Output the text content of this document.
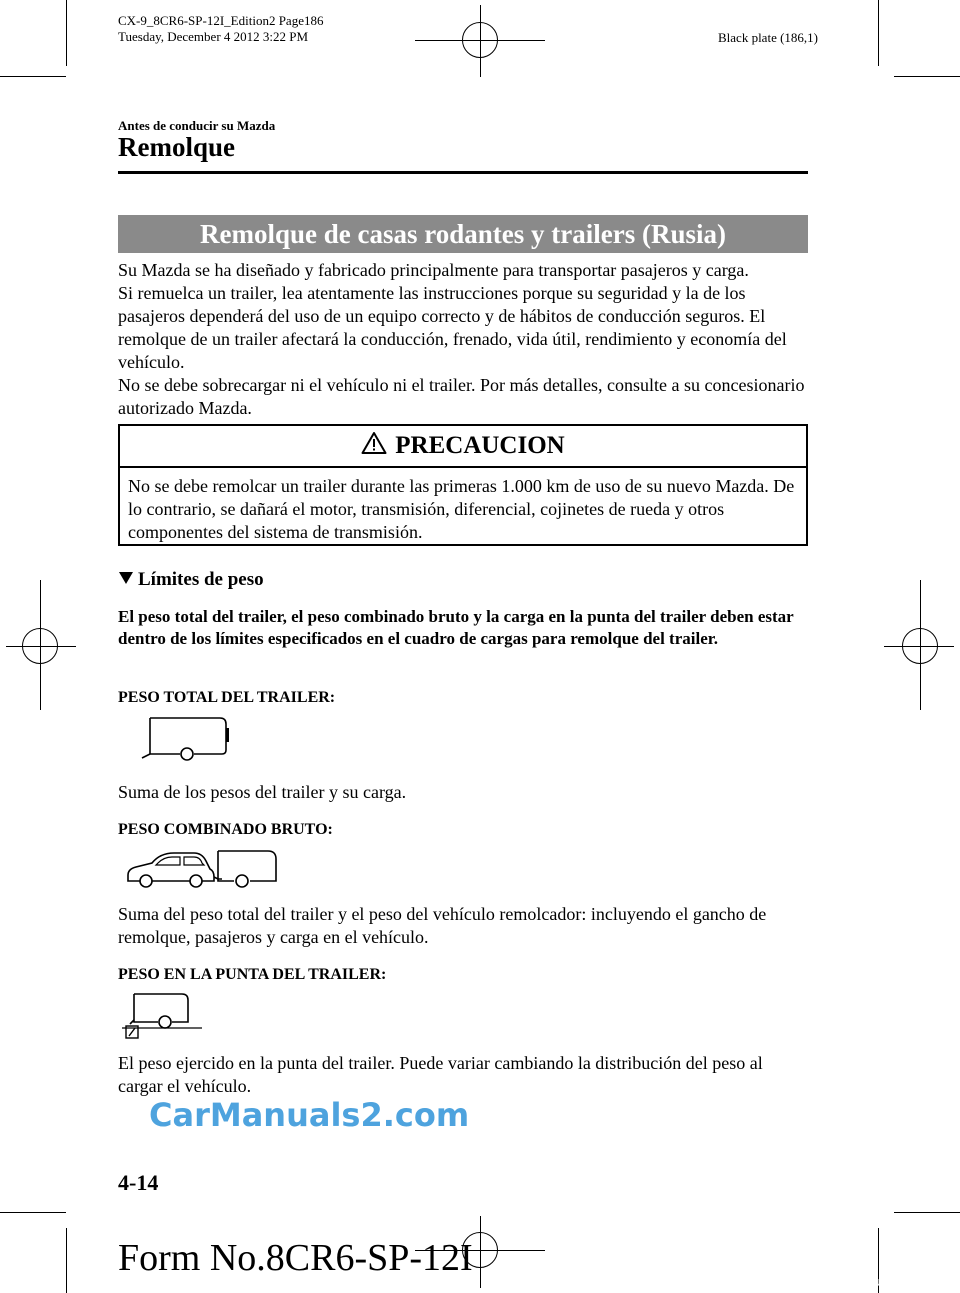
CX-9_8CR6-SP-12I_Edition2 Page186
Tuesday, December 4 2012 3:22 PM	Black plate (186,1)
Antes de conducir su Mazda
Remolque
Remolque de casas rodantes y trailers (Rusia)

Su Mazda se ha diseñado y fabricado principalmente para transportar pasajeros y carga.

Si remuelca un trailer, lea atentamente las instrucciones porque su seguridad y la de los pasajeros dependerá del uso de un equipo correcto y de hábitos de conducción seguros. El remolque de un trailer afectará la conducción, frenado, vida útil, rendimiento y economía del vehículo.

No se debe sobrecargar ni el vehículo ni el trailer. Por más detalles, consulte a su concesionario autorizado Mazda.

PRECAUCION
No se debe remolcar un trailer durante las primeras 1.000 km de uso de su nuevo Mazda. De lo contrario, se dañará el motor, transmisión, diferencial, cojinetes de rueda y otros componentes del sistema de transmisión.
Límites de peso
El peso total del trailer, el peso combinado bruto y la carga en la punta del trailer deben estar dentro de los límites especificados en el cuadro de cargas para remolque del trailer.
PESO TOTAL DEL TRAILER:
Suma de los pesos del trailer y su carga.
PESO COMBINADO BRUTO:
Suma del peso total del trailer y el peso del vehículo remolcador: incluyendo el gancho de remolque, pasajeros y carga en el vehículo.
PESO EN LA PUNTA DEL TRAILER:
El peso ejercido en la punta del trailer. Puede variar cambiando la distribución del peso al cargar el vehículo.
CarManuals2.com
4-14
Form No.8CR6-SP-12I
carmanualsonline.info
